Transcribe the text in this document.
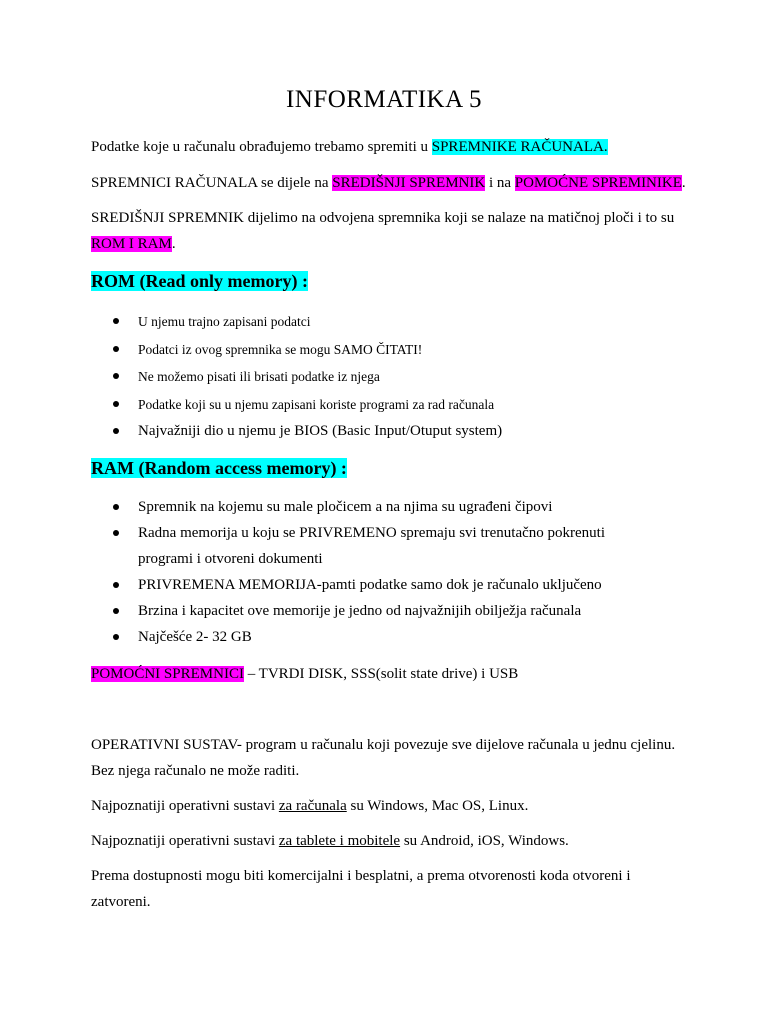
INFORMATIKA 5
Podatke koje u računalu obrađujemo trebamo spremiti u SPREMNIKE RAČUNALA.
SPREMNICI RAČUNALA se dijele na SREDIŠNJI SPREMNIK i na POMOĆNE SPREMINIKE.
SREDIŠNJI SPREMNIK dijelimo na odvojena spremnika koji se nalaze na matičnoj ploči i to su ROM I RAM.
ROM (Read only memory) :
U njemu trajno zapisani podatci
Podatci iz ovog spremnika se mogu SAMO ČITATI!
Ne možemo pisati ili brisati podatke iz njega
Podatke koji su u njemu zapisani koriste programi za rad računala
Najvažniji dio u njemu je BIOS (Basic Input/Otuput system)
RAM (Random access memory) :
Spremnik na kojemu su male pločicem a na njima su ugrađeni čipovi
Radna memorija u koju se PRIVREMENO spremaju svi trenutačno pokrenuti programi i otvoreni dokumenti
PRIVREMENA MEMORIJA-pamti podatke samo dok je računalo uključeno
Brzina i kapacitet ove memorije je jedno od najvažnijih obilježja računala
Najčešće 2- 32 GB
POMOĆNI SPREMNICI – TVRDI DISK, SSS(solit state drive) i USB
OPERATIVNI SUSTAV- program u računalu koji povezuje sve dijelove računala u jednu cjelinu. Bez njega računalo ne može raditi.
Najpoznatiji operativni sustavi za računala su Windows, Mac OS, Linux.
Najpoznatiji operativni sustavi za tablete i mobitele su Android, iOS, Windows.
Prema dostupnosti mogu biti komercijalni i besplatni, a prema otvorenosti koda otvoreni i zatvoreni.
